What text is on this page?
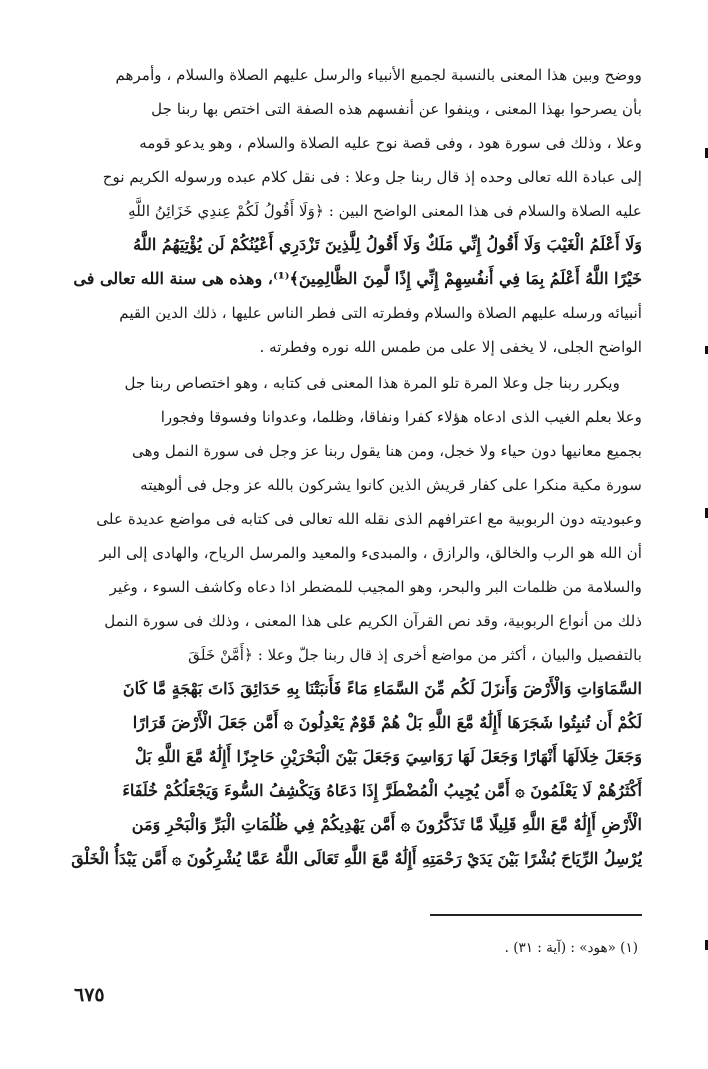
ووضح وبين هذا المعنى بالنسبة لجميع الأنبياء والرسل عليهم الصلاة والسلام ، وأمرهم
بأن يصرحوا بهذا المعنى ، وينفوا عن أنفسهم هذه الصفة التى اختص بها ربنا جل
وعلا ، وذلك فى سورة هود ، وفى قصة نوح عليه الصلاة والسلام ، وهو يدعو قومه
إلى عبادة الله تعالى وحده إذ قال ربنا جل وعلا : فى نقل كلام عبده ورسوله الكريم نوح
عليه الصلاة والسلام فى هذا المعنى الواضح البين : ﴿وَلَا أَقُولُ لَكُمْ عِندِي خَزَائِنُ اللَّهِ
وَلَا أَعْلَمُ الْغَيْبَ وَلَا أَقُولُ إِنِّي مَلَكٌ وَلَا أَقُولُ لِلَّذِينَ تَزْدَرِي أَعْيُنُكُمْ لَن يُؤْتِيَهُمُ اللَّهُ
خَيْرًا اللَّهُ أَعْلَمُ بِمَا فِي أَنفُسِهِمْ إِنِّي إِذًا لَّمِنَ الظَّالِمِينَ﴾⁽¹⁾، وهذه هى سنة الله تعالى فى
أنبيائه ورسله عليهم الصلاة والسلام وفطرته التى فطر الناس عليها ، ذلك الدين القيم
الواضح الجلى، لا يخفى إلا على من طمس الله نوره وفطرته .
ويكرر ربنا جل وعلا المرة تلو المرة هذا المعنى فى كتابه ، وهو اختصاص ربنا جل
وعلا بعلم الغيب الذى ادعاه هؤلاء كفرا ونفاقا، وظلما، وعدوانا وفسوقا وفجورا
بجميع معانيها دون حياء ولا خجل، ومن هنا يقول ربنا عز وجل فى سورة النمل وهى
سورة مكية منكرا على كفار قريش الذين كانوا يشركون بالله عز وجل فى ألوهيته
وعبوديته دون الربوبية مع اعترافهم الذى نقله الله تعالى فى كتابه فى مواضع عديدة على
أن الله هو الرب والخالق، والرازق ، والمبدىء والمعيد والمرسل الرياح، والهادى إلى البر
والسلامة من ظلمات البر والبحر، وهو المجيب للمضطر اذا دعاه وكاشف السوء ، وغير
ذلك من أنواع الربوبية، وقد نص القرآن الكريم على هذا المعنى ، وذلك فى سورة النمل
بالتفصيل والبيان ، أكثر من مواضع أخرى إذ قال ربنا جلّ وعلا : ﴿أَمَّنْ خَلَقَ
السَّمَاوَاتِ وَالْأَرْضَ وَأَنزَلَ لَكُم مِّنَ السَّمَاءِ مَاءً فَأَنبَتْنَا بِهِ حَدَائِقَ ذَاتَ بَهْجَةٍ مَّا كَانَ
لَكُمْ أَن تُنبِتُوا شَجَرَهَا أَإِلَٰهٌ مَّعَ اللَّهِ بَلْ هُمْ قَوْمٌ يَعْدِلُونَ ۞ أَمَّن جَعَلَ الْأَرْضَ قَرَارًا
وَجَعَلَ خِلَالَهَا أَنْهَارًا وَجَعَلَ لَهَا رَوَاسِيَ وَجَعَلَ بَيْنَ الْبَحْرَيْنِ حَاجِزًا أَإِلَٰهٌ مَّعَ اللَّهِ بَلْ
أَكْثَرُهُمْ لَا يَعْلَمُونَ ۞ أَمَّن يُجِيبُ الْمُضْطَرَّ إِذَا دَعَاهُ وَيَكْشِفُ السُّوءَ وَيَجْعَلُكُمْ خُلَفَاءَ
الْأَرْضِ أَإِلَٰهٌ مَّعَ اللَّهِ قَلِيلًا مَّا تَذَكَّرُونَ ۞ أَمَّن يَهْدِيكُمْ فِي ظُلُمَاتِ الْبَرِّ وَالْبَحْرِ وَمَن
يُرْسِلُ الرِّيَاحَ بُشْرًا بَيْنَ يَدَيْ رَحْمَتِهِ أَإِلَٰهٌ مَّعَ اللَّهِ تَعَالَى اللَّهُ عَمَّا يُشْرِكُونَ ۞ أَمَّن يَبْدَأُ الْخَلْقَ
(١) «هود» : (آية : ٣١) .
٦٧٥
